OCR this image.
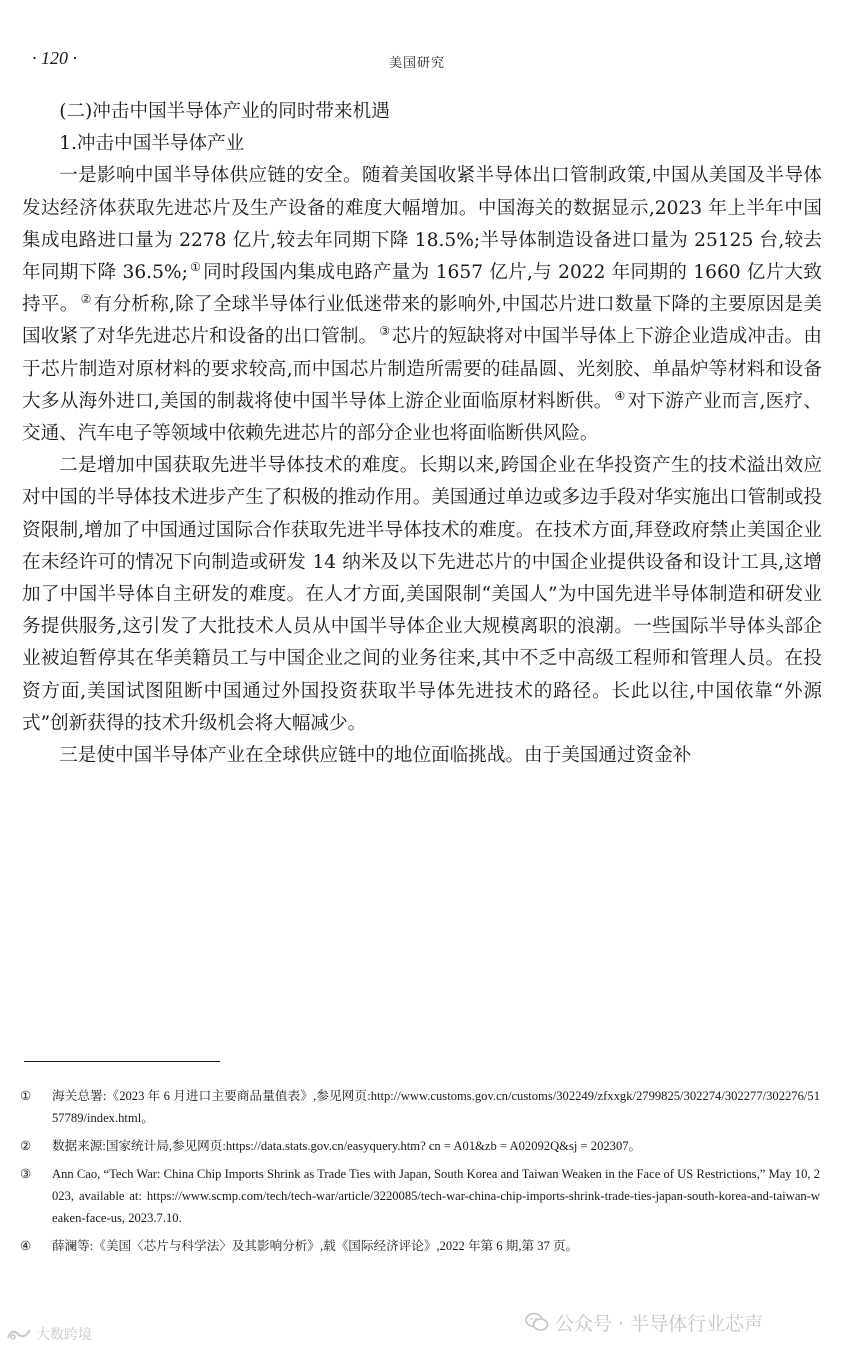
· 120 ·	美国研究

(二)冲击中国半导体产业的同时带来机遇

1.冲击中国半导体产业

一是影响中国半导体供应链的安全。随着美国收紧半导体出口管制政策,中国从美国及半导体发达经济体获取先进芯片及生产设备的难度大幅增加。中国海关的数据显示,2023 年上半年中国集成电路进口量为 2278 亿片,较去年同期下降 18.5%;半导体制造设备进口量为 25125 台,较去年同期下降 36.5%; ① 同时段国内集成电路产量为 1657 亿片,与 2022 年同期的 1660 亿片大致持平。 ② 有分析称,除了全球半导体行业低迷带来的影响外,中国芯片进口数量下降的主要原因是美国收紧了对华先进芯片和设备的出口管制。 ③ 芯片的短缺将对中国半导体上下游企业造成冲击。由于芯片制造对原材料的要求较高,而中国芯片制造所需要的硅晶圆、光刻胶、单晶炉等材料和设备大多从海外进口,美国的制裁将使中国半导体上游企业面临原材料断供。 ④ 对下游产业而言,医疗、交通、汽车电子等领域中依赖先进芯片的部分企业也将面临断供风险。

二是增加中国获取先进半导体技术的难度。长期以来,跨国企业在华投资产生的技术溢出效应对中国的半导体技术进步产生了积极的推动作用。美国通过单边或多边手段对华实施出口管制或投资限制,增加了中国通过国际合作获取先进半导体技术的难度。在技术方面,拜登政府禁止美国企业在未经许可的情况下向制造或研发 14 纳米及以下先进芯片的中国企业提供设备和设计工具,这增加了中国半导体自主研发的难度。在人才方面,美国限制“美国人”为中国先进半导体制造和研发业务提供服务,这引发了大批技术人员从中国半导体企业大规模离职的浪潮。一些国际半导体头部企业被迫暂停其在华美籍员工与中国企业之间的业务往来,其中不乏中高级工程师和管理人员。在投资方面,美国试图阻断中国通过外国投资获取半导体先进技术的路径。长此以往,中国依靠“外源式”创新获得的技术升级机会将大幅减少。

三是使中国半导体产业在全球供应链中的地位面临挑战。由于美国通过资金补

① 海关总署:《2023 年 6 月进口主要商品量值表》,参见网页:http://www.customs.gov.cn/customs/302249/zfxxgk/2799825/302274/302277/302276/5157789/index.html。
② 数据来源:国家统计局,参见网页:https://data.stats.gov.cn/easyquery.htm? cn = A01&zb = A02092Q&sj = 202307。
③ Ann Cao, “Tech War: China Chip Imports Shrink as Trade Ties with Japan, South Korea and Taiwan Weaken in the Face of US Restrictions,” May 10, 2023, available at: https://www.scmp.com/tech/tech-war/article/3220085/tech-war-china-chip-imports-shrink-trade-ties-japan-south-korea-and-taiwan-weaken-face-us, 2023.7.10.
④ 薛澜等:《美国〈芯片与科学法〉及其影响分析》,载《国际经济评论》,2022 年第 6 期,第 37 页。
公众号 · 半导体行业芯声
大数跨境
